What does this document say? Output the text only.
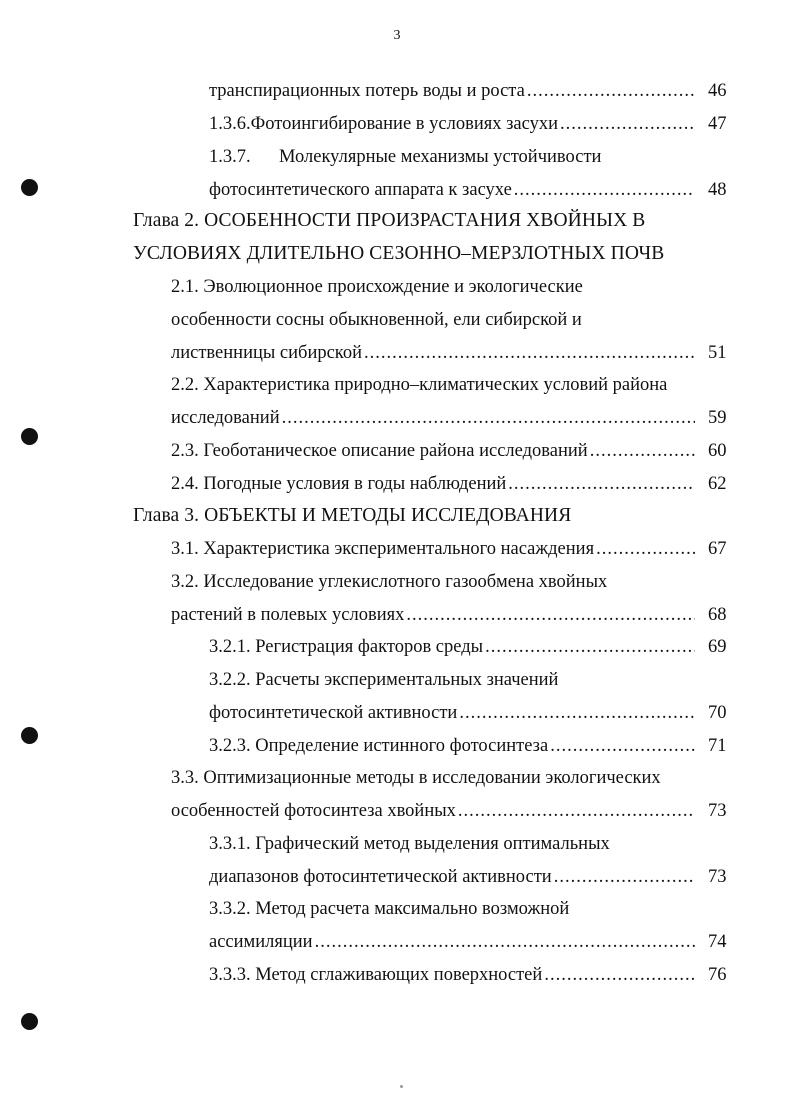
3
транспирационных потерь воды и роста .....	46
1.3.6. Фотоингибирование в условиях засухи .....	47
1.3.7. Молекулярные механизмы устойчивости
фотосинтетического аппарата к засухе .....	48
Глава 2. ОСОБЕННОСТИ ПРОИЗРАСТАНИЯ ХВОЙНЫХ В
УСЛОВИЯХ ДЛИТЕЛЬНО СЕЗОННО–МЕРЗЛОТНЫХ ПОЧВ
2.1. Эволюционное происхождение и экологические
особенности сосны обыкновенной, ели сибирской и
лиственницы сибирской .....	51
2.2. Характеристика природно–климатических условий района
исследований .....	59
2.3. Геоботаническое описание района исследований .....	60
2.4. Погодные условия в годы наблюдений .....	62
Глава 3. ОБЪЕКТЫ И МЕТОДЫ ИССЛЕДОВАНИЯ
3.1. Характеристика экспериментального насаждения .....	67
3.2. Исследование углекислотного газообмена хвойных
растений в полевых условиях .....	68
3.2.1. Регистрация факторов среды .....	69
3.2.2. Расчеты экспериментальных значений
фотосинтетической активности .....	70
3.2.3. Определение истинного фотосинтеза .....	71
3.3. Оптимизационные методы в исследовании экологических
особенностей фотосинтеза хвойных .....	73
3.3.1. Графический метод выделения оптимальных
диапазонов фотосинтетической активности .....	73
3.3.2. Метод расчета максимально возможной
ассимиляции .....	74
3.3.3. Метод сглаживающих поверхностей .....	76
